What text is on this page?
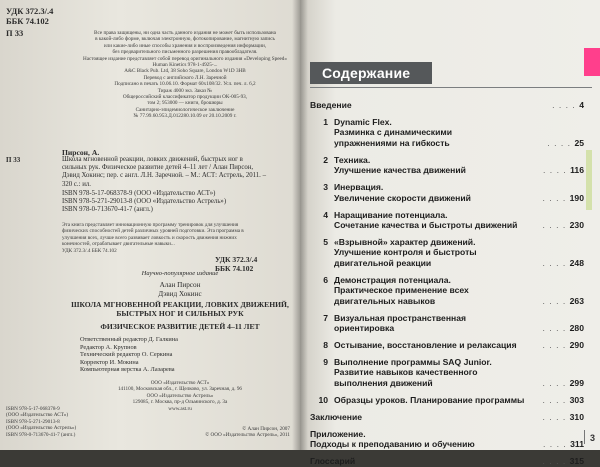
УДК 372.3/.4
ББК 74.102
П 33	Все права защищены, ни одна часть данного издания не может быть использована
в какой-либо форме, включая электронную, фотокопирование, магнитную запись
или какие-либо иные способы хранения и воспроизведения информации,
без предварительного письменного разрешения правообладателя.
Настоящее издание представляет собой перевод оригинального издания «Developing Speed»
Human Kinetics 978-1-4925-...
A&C Black Pub. Ltd, 38 Soho Square, London W1D 3HB
Перевод с английского Л.Н. Заречной
Подписано в печать 10.06.10. Формат 60x108/32. Усл. печ. л. 6,2
Тираж 4000 экз. Заказ №
Общероссийский классификатор продукции ОК-005-93,
том 2; 953000 — книги, брошюры
Санитарно-эпидемиологическое заключение
№ 77.99.60.953.Д.012280.10.09 от 20.10.2009 г.
Пирсон, А.
П 33	Школа мгновенной реакции, ловких движений, быстрых ног в
сильных рук. Физическое развитие детей 4–11 лет / Алан Пирсон,
Дэвид Хокинс; пер. с англ. Л.Н. Заречной. – М.: АСТ: Астрель, 2011. –
320 с.: ил.
ISBN 978-5-17-068378-9 (ООО «Издательство АСТ»)
ISBN 978-5-271-29013-8 (ООО «Издательство Астрель»)
ISBN 978-0-713670-41-7 (англ.)
Эта книга представляет инновационную программу тренировок для улучшения
физических способностей детей различных уровней подготовки. Эта программа в
улучшения всех, лучше всего развивает ловкость и скорость движения нижних
конечностей, отрабатывает двигательные навыки...
УДК 372.3/.4 ББК 74.102
УДК 372.3/.4
ББК 74.102
Научно-популярное издание
Алан Пирсон
Дэвид Хокинс
ШКОЛА МГНОВЕННОЙ РЕАКЦИИ, ЛОВКИХ ДВИЖЕНИЙ,
БЫСТРЫХ НОГ И СИЛЬНЫХ РУК
ФИЗИЧЕСКОЕ РАЗВИТИЕ ДЕТЕЙ 4–11 ЛЕТ
Ответственный редактор Д. Галкина
Редактор А. Крупнов
Технический редактор О. Серкина
Корректор И. Мокина
Компьютерная верстка А. Лазарева
ООО «Издательство АСТ»
141100, Московская обл., г. Щелково, ул. Заречная, д. 96
ООО «Издательство Астрель»
129085, г. Москва, пр-д Ольминского, д. 3а
www.ast.ru
ISBN 978-5-17-068378-9
(ООО «Издательство АСТ»)
ISBN 978-5-271-29013-8
(ООО «Издательство Астрель»)
ISBN 978-0-713670-41-7 (англ.)
© Алан Пирсон, 2007
© ООО «Издательство Астрель», 2011
Содержание
Введение	. . . . 4
1 Dynamic Flex.
Разминка с динамическими
упражнениями на гибкость	. . . . 25
2 Техника.
Улучшение качества движений	. . . . 116
3 Инервация.
Увеличение скорости движений	. . . . 190
4 Наращивание потенциала.
Сочетание качества и быстроты движений	. . . . 230
5 «Взрывной» характер движений.
Улучшение контроля и быстроты
двигательной реакции	. . . . 248
6 Демонстрация потенциала.
Практическое применение всех
двигательных навыков	. . . . 263
7 Визуальная пространственная
ориентировка	. . . . 280
8 Остывание, восстановление и релаксация	. . . . 290
9 Выполнение программы SAQ Junior.
Развитие навыков качественного
выполнения движений	. . . . 299
10 Образцы уроков. Планирование программы . . . . 303
Заключение	. . . . 310
Приложение.
Подходы к преподаванию и обучению	. . . . 311
Глоссарий	. . . . 315
3
